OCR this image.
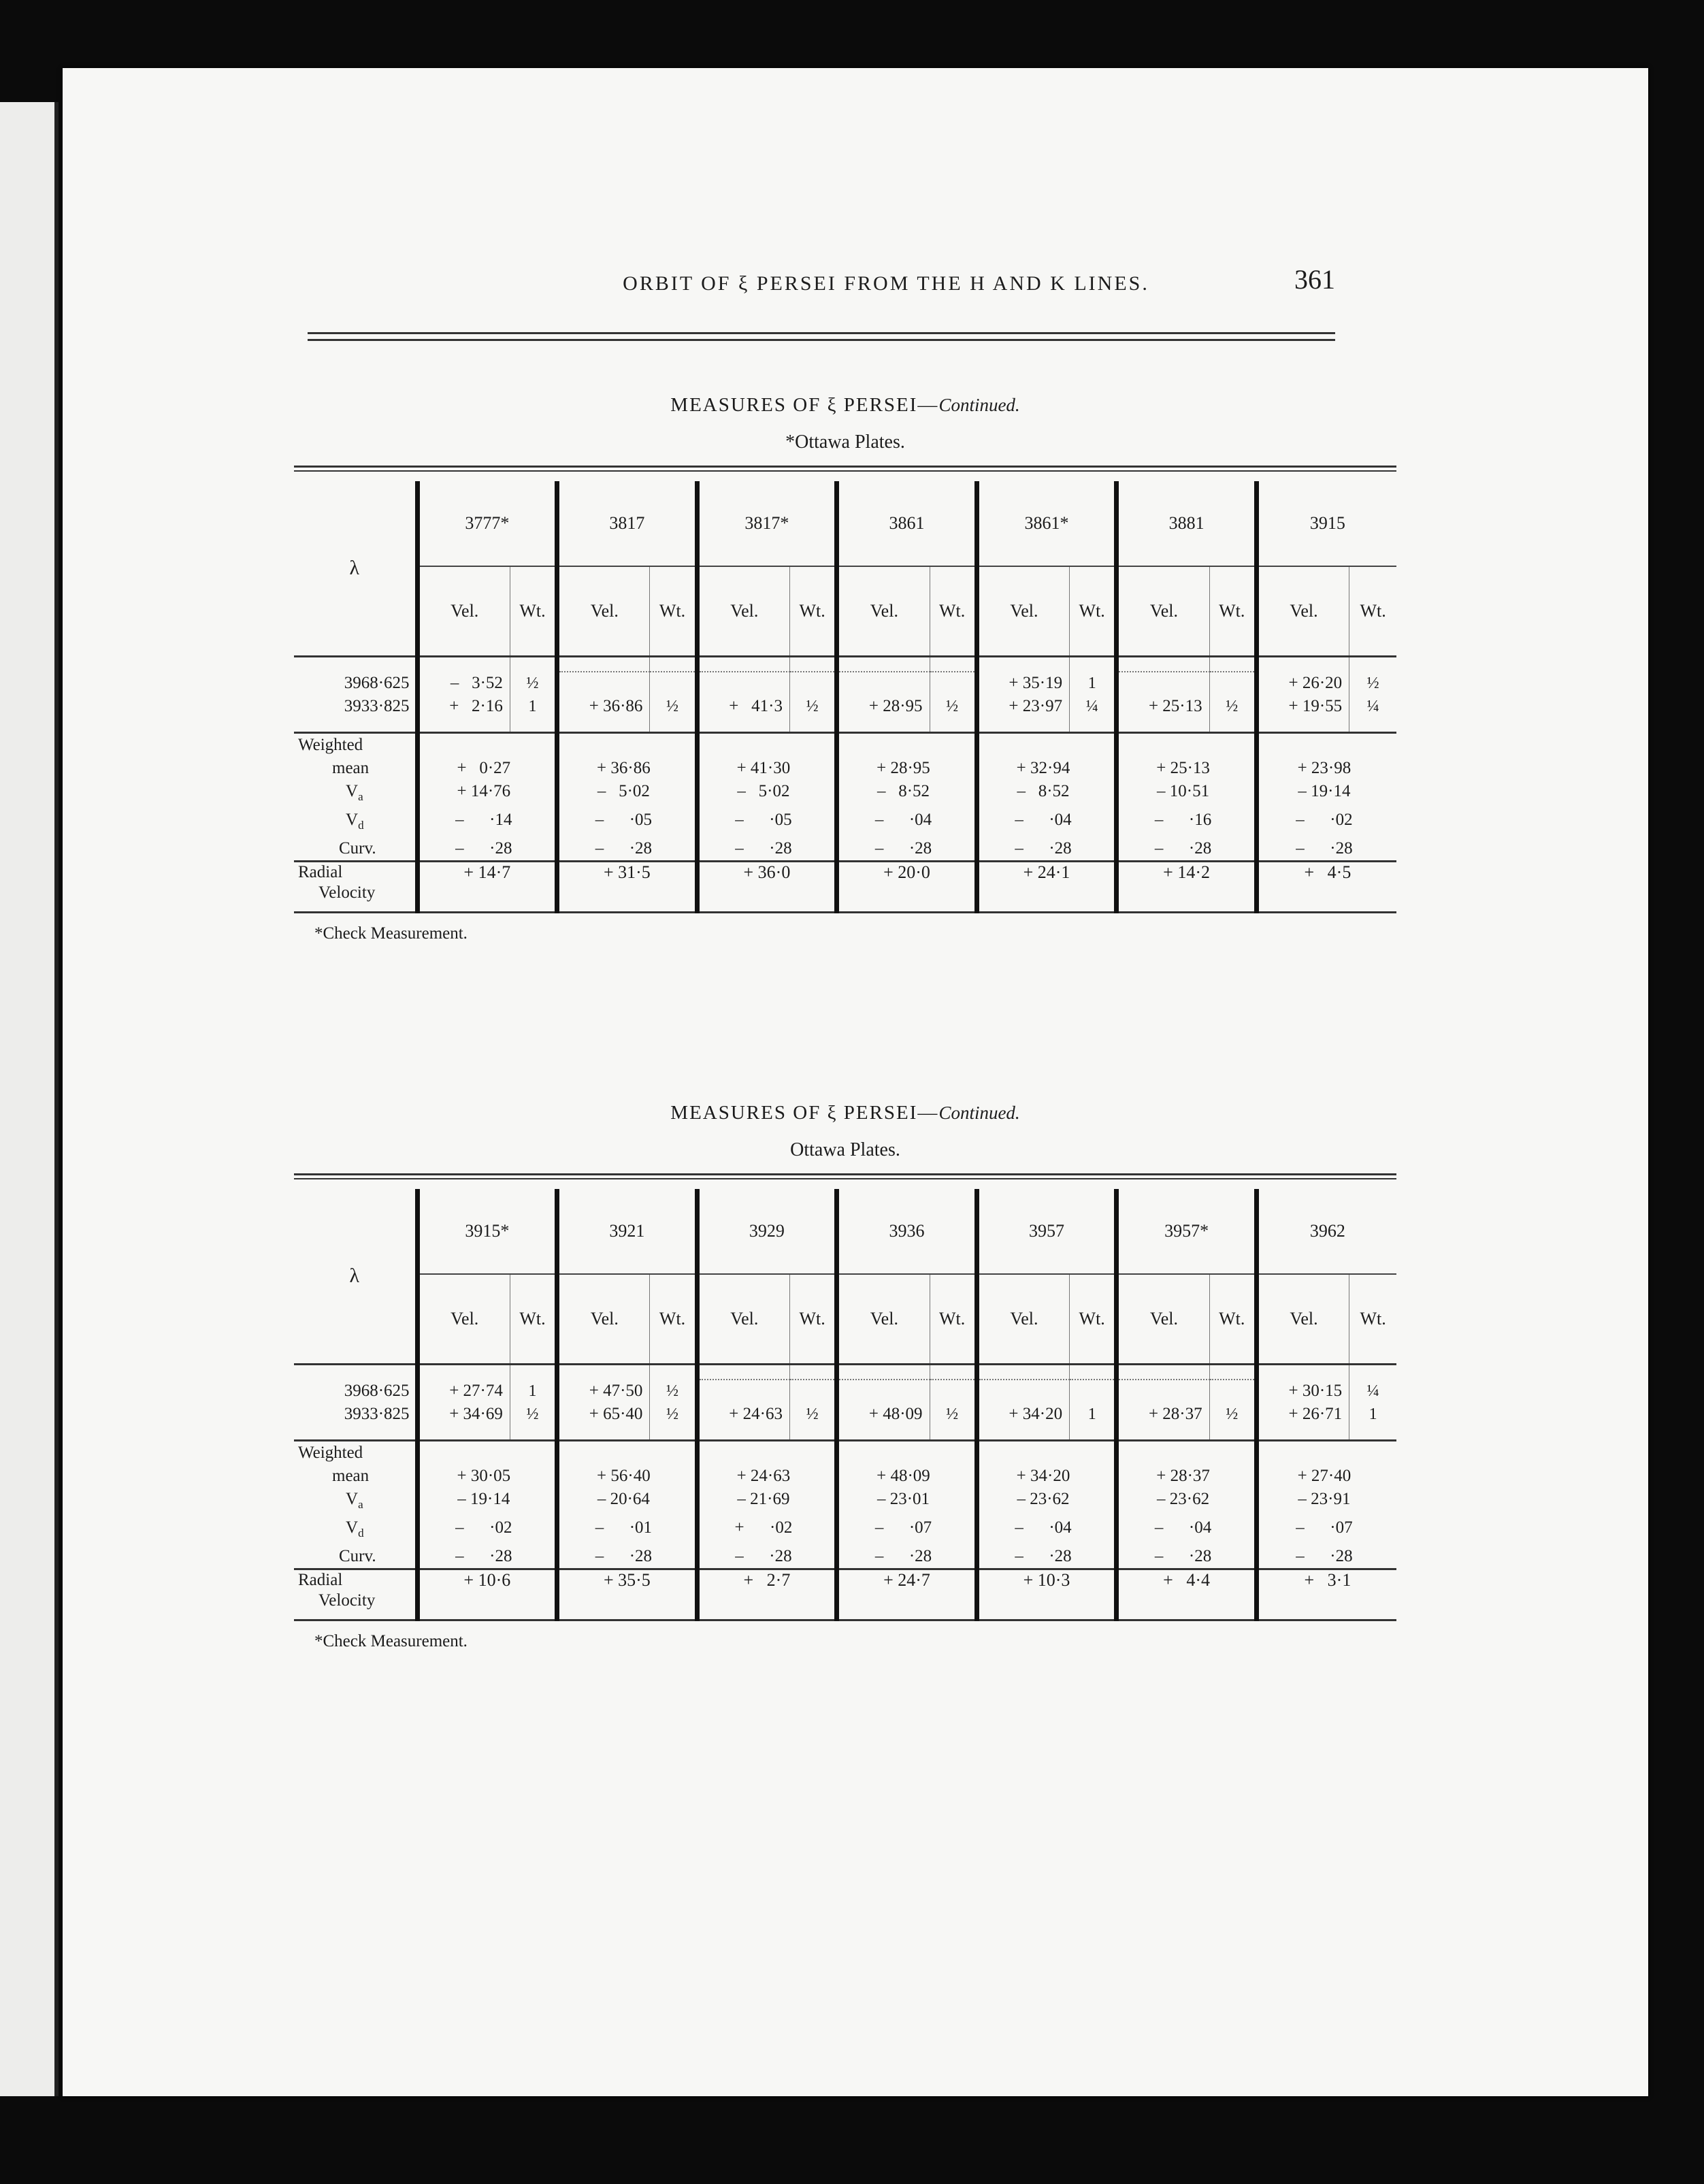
ORBIT OF ξ PERSEI FROM THE H AND K LINES.	361

MEASURES OF ξ PERSEI—Continued.

*Ottawa Plates.

λ	3777*		3817		3817*		3861		3861*		3881		3915	
	Vel.	Wt.	Vel.	Wt.	Vel.	Wt.	Vel.	Wt.	Vel.	Wt.	Vel.	Wt.	Vel.	Wt.

3968·625	–   3·52	½							+ 35·19	1			+ 26·20	½
3933·825	+   2·16	1	+ 36·86	½	+   41·3	½	+ 28·95	½	+ 23·97	¼	+ 25·13	½	+ 19·55	¼

Weighted														
mean	+   0·27		+ 36·86		+ 41·30		+ 28·95		+ 32·94		+ 25·13		+ 23·98	
$V_a$	+ 14·76		–   5·02		–   5·02		–   8·52		–   8·52		– 10·51		– 19·14	
$V_d$	–      ·14		–      ·05		–      ·05		–      ·04		–      ·04		–      ·16		–      ·02	
Curv.	–      ·28		–      ·28		–      ·28		–      ·28		–      ·28		–      ·28		–      ·28	

Radial
Velocity	+ 14·7		+ 31·5		+ 36·0		+ 20·0		+ 24·1		+ 14·2		+   4·5	

*Check Measurement.

MEASURES OF ξ PERSEI—Continued.

Ottawa Plates.

λ	3915*		3921		3929		3936		3957		3957*		3962	
	Vel.	Wt.	Vel.	Wt.	Vel.	Wt.	Vel.	Wt.	Vel.	Wt.	Vel.	Wt.	Vel.	Wt.

3968·625	+ 27·74	1	+ 47·50	½									+ 30·15	¼
3933·825	+ 34·69	½	+ 65·40	½	+ 24·63	½	+ 48·09	½	+ 34·20	1	+ 28·37	½	+ 26·71	1

Weighted														
mean	+ 30·05		+ 56·40		+ 24·63		+ 48·09		+ 34·20		+ 28·37		+ 27·40	
$V_a$	– 19·14		– 20·64		– 21·69		– 23·01		– 23·62		– 23·62		– 23·91	
$V_d$	–      ·02		–      ·01		+      ·02		–      ·07		–      ·04		–      ·04		–      ·07	
Curv.	–      ·28		–      ·28		–      ·28		–      ·28		–      ·28		–      ·28		–      ·28	

Radial
Velocity	+ 10·6		+ 35·5		+   2·7		+ 24·7		+ 10·3		+   4·4		+   3·1	

*Check Measurement.
